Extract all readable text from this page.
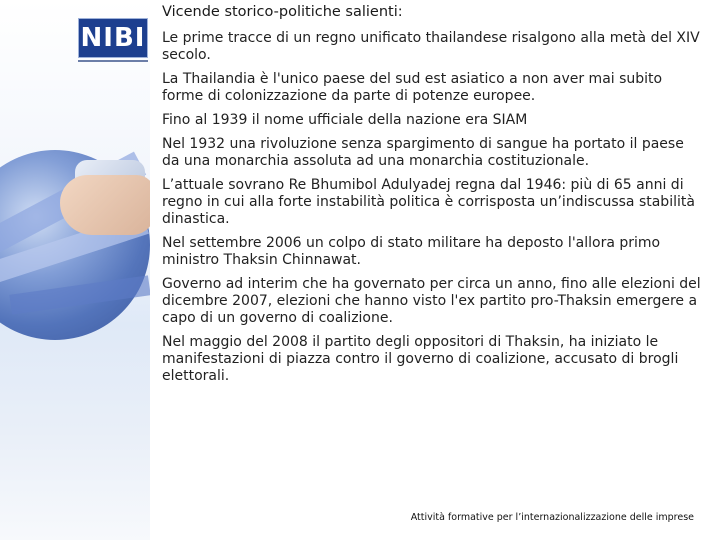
NIBI
Vicende storico-politiche salienti:

Le prime tracce di un regno unificato thailandese risalgono alla metà del XIV secolo.

La Thailandia è l'unico paese del sud est asiatico a non aver mai subito forme di colonizzazione da parte di potenze europee.

Fino al 1939 il nome ufficiale della nazione era SIAM

Nel 1932 una rivoluzione senza spargimento di sangue ha portato il paese da una monarchia assoluta ad una monarchia costituzionale.

L’attuale sovrano Re Bhumibol Adulyadej regna dal 1946: più di 65 anni di regno in cui alla forte instabilità politica è corrisposta un’indiscussa stabilità dinastica.

Nel settembre 2006 un colpo di stato militare ha deposto l'allora primo ministro Thaksin Chinnawat.

Governo ad interim che ha governato per circa un anno, fino alle elezioni del dicembre 2007, elezioni che hanno visto l'ex partito pro-Thaksin emergere a capo di un governo di coalizione.

Nel maggio del 2008 il partito degli oppositori di Thaksin, ha iniziato le manifestazioni di piazza contro il governo di coalizione, accusato di brogli elettorali.

Attività formative per l’internazionalizzazione delle imprese
